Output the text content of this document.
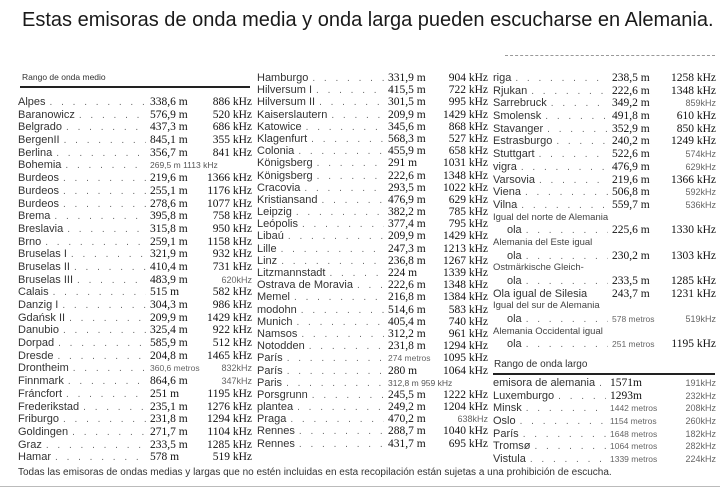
Estas emisoras de onda media y onda larga pueden escucharse en Alemania.
Rango de onda medio
Alpes . . .	338,6 m	886 kHz
Baranowicz . . .	576,9 m	520 kHz
Belgrado . . .	437,3 m	686 kHz
BergenII . . .	845,1 m	355 kHz
Berlina . . .	356,7 m	841 kHz
Bohemia . . .	269,5 m 1113 kHz
Burdeos . . .	219,6 m	1366 kHz
Burdeos . . .	255,1 m	1176 kHz
Burdeos . . .	278,6 m	1077 kHz
Brema . . .	395,8 m	758 kHz
Breslavia . . .	315,8 m	950 kHz
Brno . . .	259,1 m	1158 kHz
Bruselas I . . .	321,9 m	932 kHz
Bruselas II . . .	410,4 m	731 kHz
Bruselas III . . .	483,9 m	620kHz
Calais . . .	515 m	582 kHz
Danzig I . . .	304,3 m	986 kHz
Gdańsk II . . .	209,9 m	1429 kHz
Danubio . . .	325,4 m	922 kHz
Dorpad . . .	585,9 m	512 kHz
Dresde . . .	204,8 m	1465 kHz
Drontheim . . .	360,6 metros	832kHz
Finnmark . . .	864,6 m	347kHz
Fráncfort . . .	251 m	1195 kHz
Frederikstad . . .	235,1 m	1276 kHz
Friburgo . . .	231,8 m	1294 kHz
Goldingen . . .	271,7 m	1104 kHz
Graz . . .	233,5 m	1285 kHz
Hamar . . .	578 m	519 kHz
Hamburgo . . .	331,9 m	904 kHz
Hilversum I . . .	415,5 m	722 kHz
Hilversum II . . .	301,5 m	995 kHz
Kaiserslautern . . .	209,9 m	1429 kHz
Katowice . . .	345,6 m	868 kHz
Klagenfurt . . .	568,3 m	527 kHz
Colonia . . .	455,9 m	658 kHz
Königsberg . . .	291 m	1031 kHz
Königsberg . . .	222,6 m	1348 kHz
Cracovia . . .	293,5 m	1022 kHz
Kristiansand . . .	476,9 m	629 kHz
Leipzig . . .	382,2 m	785 kHz
Leópolis . . .	377,4 m	795 kHz
Libaú . . .	209,9 m	1429 kHz
Lille . . .	247,3 m	1213 kHz
Linz . . .	236,8 m	1267 kHz
Litzmannstadt . . .	224 m	1339 kHz
Ostrava de Moravia . . .	222,6 m	1348 kHz
Memel . . .	216,8 m	1384 kHz
modohn . . .	514,6 m	583 kHz
Munich . . .	405,4 m	740 kHz
Namsos . . .	312,2 m	961 kHz
Notodden . . .	231,8 m	1294 kHz
París . . .	274 metros	1095 kHz
París . . .	280 m	1064 kHz
Paris . . .	312,8 m 959 kHz
Porsgrunn . . .	245,5 m	1222 kHz
plantea . . .	249,2 m	1204 kHz
Praga . . .	470,2 m	638kHz
Rennes . . .	288,7 m	1040 kHz
Rennes . . .	431,7 m	695 kHz
riga . . .	238,5 m	1258 kHz
Rjukan . . .	222,6 m	1348 kHz
Sarrebruck . . .	349,2 m	859kHz
Smolensk . . .	491,8 m	610 kHz
Stavanger . . .	352,9 m	850 kHz
Estrasburgo . . .	240,2 m	1249 kHz
Stuttgart . . .	522,6 m	574kHz
vigra . . .	476,9 m	629kHz
Varsovia . . .	219,6 m	1366 kHz
Viena . . .	506,8 m	592kHz
Vilna . . .	559,7 m	536kHz
Igual del norte de Alemania
ola . . .	225,6 m	1330 kHz
Alemania del Este igual
ola . . .	230,2 m	1303 kHz
Ostmärkische Gleich-
ola . . .	233,5 m	1285 kHz
Ola igual de Silesia 243,7 m	1231 kHz
Igual del sur de Alemania
ola . . .	578 metros	519kHz
Alemania Occidental igual
ola . . .	251 metros	1195 kHz
Rango de onda largo
emisora de alemania . . . 1571m	191kHz
Luxemburgo . . .	1293m	232kHz
Minsk . . .	1442 metros	208kHz
Oslo . . .	1154 metros	260kHz
París . . .	1648 metros	182kHz
Tromsø . . .	1064 metros	282kHz
Vistula . . .	1339 metros	224kHz
Todas las emisoras de ondas medias y largas que no estén incluidas en esta recopilación están sujetas a una prohibición de escucha.
